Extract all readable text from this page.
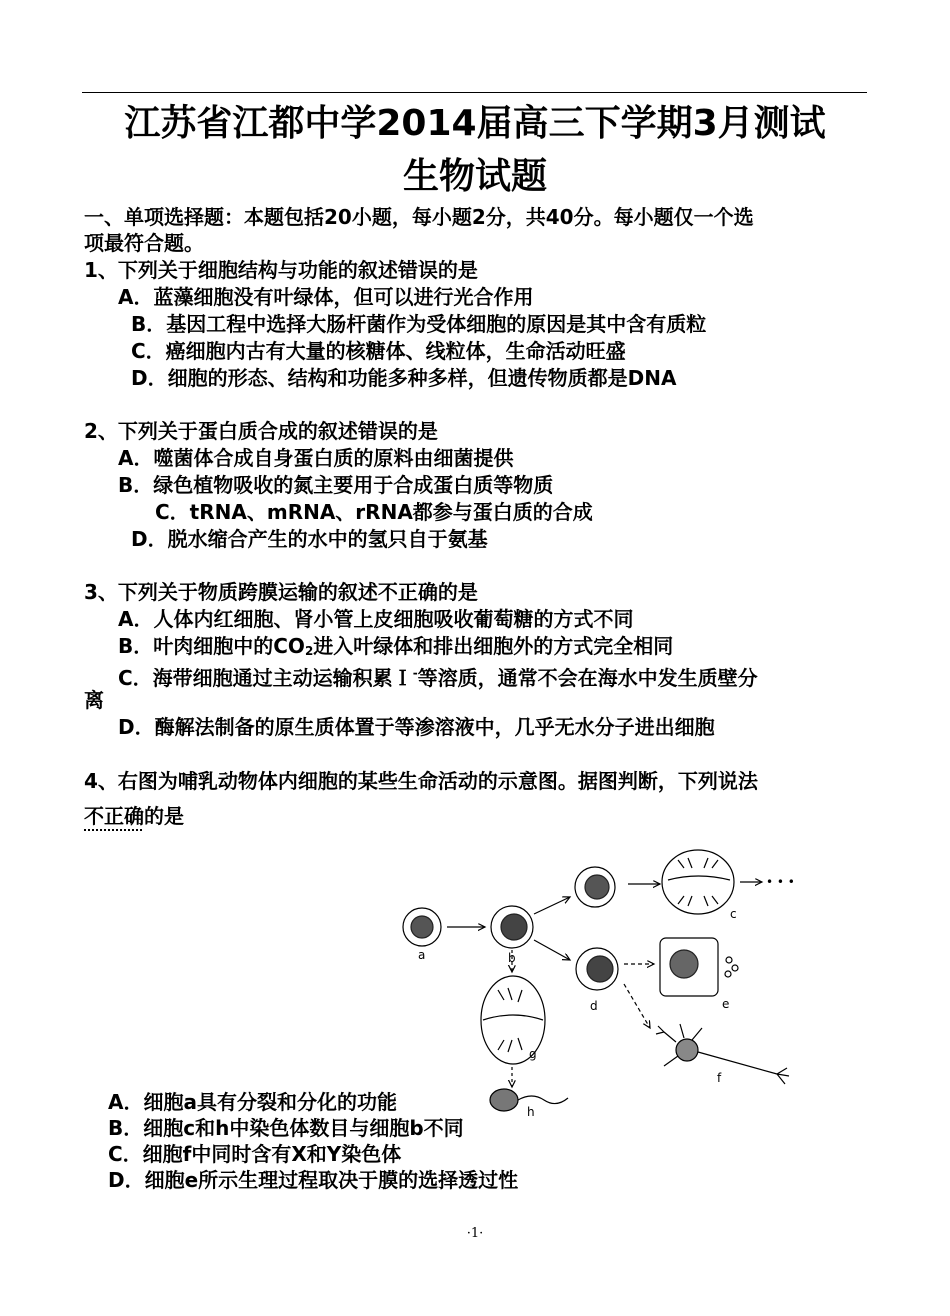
江苏省江都中学2014届高三下学期3月测试
生物试题
一、单项选择题：本题包括20小题，每小题2分，共40分。每小题仅一个选
项最符合题。
1、下列关于细胞结构与功能的叙述错误的是
A．蓝藻细胞没有叶绿体，但可以进行光合作用
B．基因工程中选择大肠杆菌作为受体细胞的原因是其中含有质粒
C．癌细胞内古有大量的核糖体、线粒体，生命活动旺盛
D．细胞的形态、结构和功能多种多样，但遗传物质都是DNA
2、下列关于蛋白质合成的叙述错误的是
A．噬菌体合成自身蛋白质的原料由细菌提供
B．绿色植物吸收的氮主要用于合成蛋白质等物质
C．tRNA、mRNA、rRNA都参与蛋白质的合成
D．脱水缩合产生的水中的氢只自于氨基
3、下列关于物质跨膜运输的叙述不正确的是
A．人体内红细胞、肾小管上皮细胞吸收葡萄糖的方式不同
B．叶肉细胞中的$CO_2$进入叶绿体和排出细胞外的方式完全相同
C．海带细胞通过主动运输积累Ｉ-等溶质，通常不会在海水中发生质壁分
离
D．酶解法制备的原生质体置于等渗溶液中，几乎无水分子进出细胞
4、右图为哺乳动物体内细胞的某些生命活动的示意图。据图判断，下列说法
不正确的是
a	b
c
d	e
f
g
h
• • •
A．细胞a具有分裂和分化的功能
B．细胞c和h中染色体数目与细胞b不同
C．细胞f中同时含有X和Y染色体
D．细胞e所示生理过程取决于膜的选择透过性
·1·
